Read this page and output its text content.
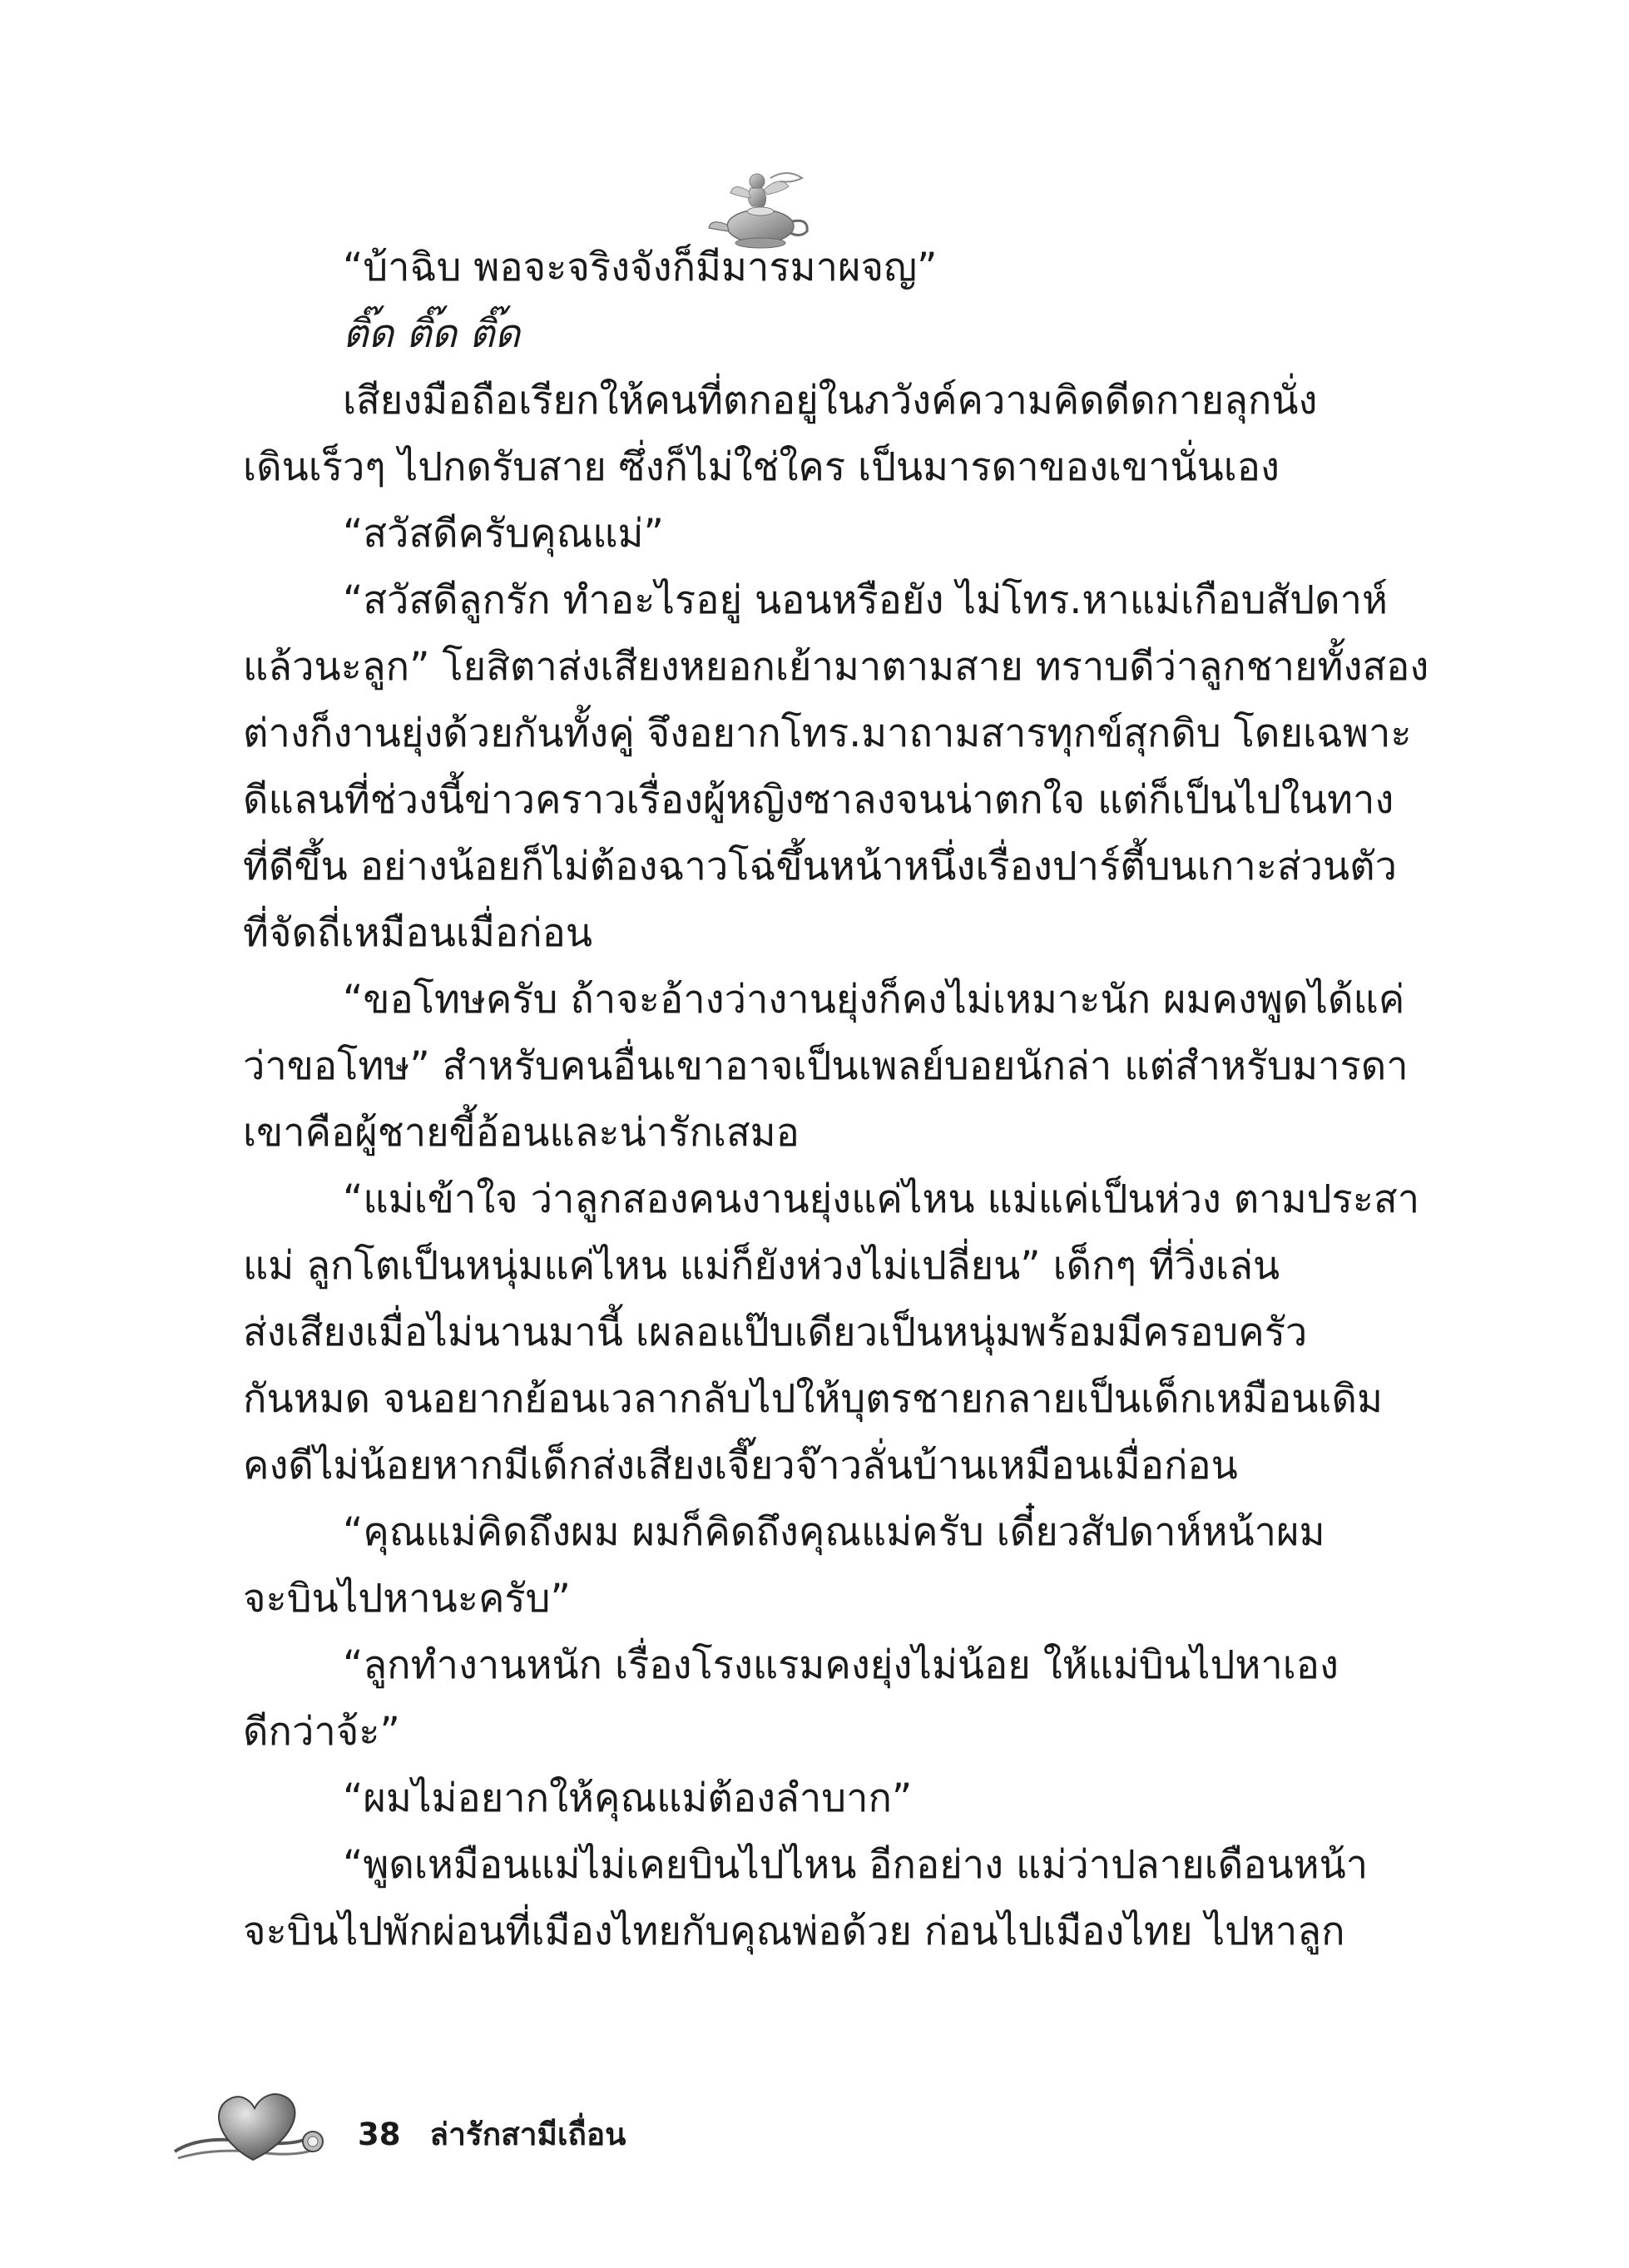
“บ้าฉิบ พอจะจริงจังก็มีมารมาผจญ”
ติ๊ด ติ๊ด ติ๊ด
เสียงมือถือเรียกให้คนที่ตกอยู่ในภวังค์ความคิดดีดกายลุกนั่ง
เดินเร็วๆ ไปกดรับสาย ซึ่งก็ไม่ใช่ใคร เป็นมารดาของเขานั่นเอง
“สวัสดีครับคุณแม่”
“สวัสดีลูกรัก ทำอะไรอยู่ นอนหรือยัง ไม่โทร.หาแม่เกือบสัปดาห์
แล้วนะลูก” โยสิตาส่งเสียงหยอกเย้ามาตามสาย ทราบดีว่าลูกชายทั้งสอง
ต่างก็งานยุ่งด้วยกันทั้งคู่ จึงอยากโทร.มาถามสารทุกข์สุกดิบ โดยเฉพาะ
ดีแลนที่ช่วงนี้ข่าวคราวเรื่องผู้หญิงซาลงจนน่าตกใจ แต่ก็เป็นไปในทาง
ที่ดีขึ้น อย่างน้อยก็ไม่ต้องฉาวโฉ่ขึ้นหน้าหนึ่งเรื่องปาร์ตี้บนเกาะส่วนตัว
ที่จัดถี่เหมือนเมื่อก่อน
“ขอโทษครับ ถ้าจะอ้างว่างานยุ่งก็คงไม่เหมาะนัก ผมคงพูดได้แค่
ว่าขอโทษ” สำหรับคนอื่นเขาอาจเป็นเพลย์บอยนักล่า แต่สำหรับมารดา
เขาคือผู้ชายขี้อ้อนและน่ารักเสมอ
“แม่เข้าใจ ว่าลูกสองคนงานยุ่งแค่ไหน แม่แค่เป็นห่วง ตามประสา
แม่ ลูกโตเป็นหนุ่มแค่ไหน แม่ก็ยังห่วงไม่เปลี่ยน” เด็กๆ ที่วิ่งเล่น
ส่งเสียงเมื่อไม่นานมานี้ เผลอแป๊บเดียวเป็นหนุ่มพร้อมมีครอบครัว
กันหมด จนอยากย้อนเวลากลับไปให้บุตรชายกลายเป็นเด็กเหมือนเดิม
คงดีไม่น้อยหากมีเด็กส่งเสียงเจี๊ยวจ๊าวลั่นบ้านเหมือนเมื่อก่อน
“คุณแม่คิดถึงผม ผมก็คิดถึงคุณแม่ครับ เดี๋ยวสัปดาห์หน้าผม
จะบินไปหานะครับ”
“ลูกทำงานหนัก เรื่องโรงแรมคงยุ่งไม่น้อย ให้แม่บินไปหาเอง
ดีกว่าจ้ะ”
“ผมไม่อยากให้คุณแม่ต้องลำบาก”
“พูดเหมือนแม่ไม่เคยบินไปไหน อีกอย่าง แม่ว่าปลายเดือนหน้า
จะบินไปพักผ่อนที่เมืองไทยกับคุณพ่อด้วย ก่อนไปเมืองไทย ไปหาลูก
38 ล่ารักสามีเถื่อน
